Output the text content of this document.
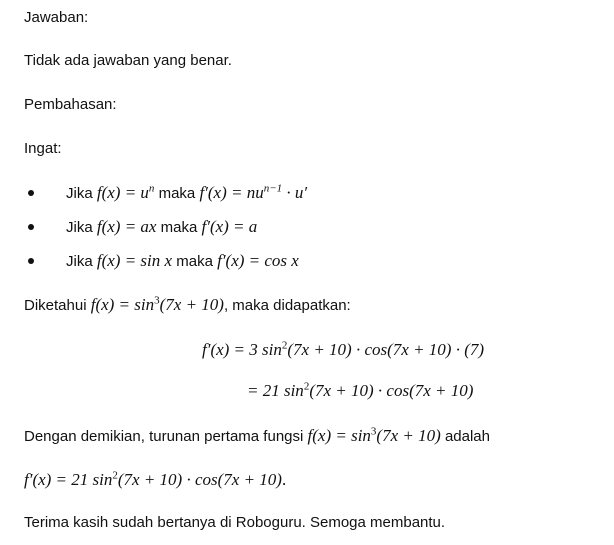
Jawaban:
Tidak ada jawaban yang benar.
Pembahasan:
Ingat:
Jika $f(x) = u^n$ maka $f'(x) = nu^{n-1} \cdot u'$
Jika f(x) = ax maka f′(x) = a
Jika f(x) = sin x maka f′(x) = cos x
Diketahui $f(x) = \sin^3(7x + 10)$, maka didapatkan:
f′(x) = 3 $\sin^2(7x + 10) \cdot \cos(7x + 10) \cdot (7)$
= 21 $\sin^2(7x + 10) \cdot \cos(7x + 10)$
Dengan demikian, turunan pertama fungsi $f(x) = \sin^3(7x + 10)$ adalah
f′(x) = 21 $\sin^2(7x + 10) \cdot \cos(7x + 10)$.
Terima kasih sudah bertanya di Roboguru. Semoga membantu.
